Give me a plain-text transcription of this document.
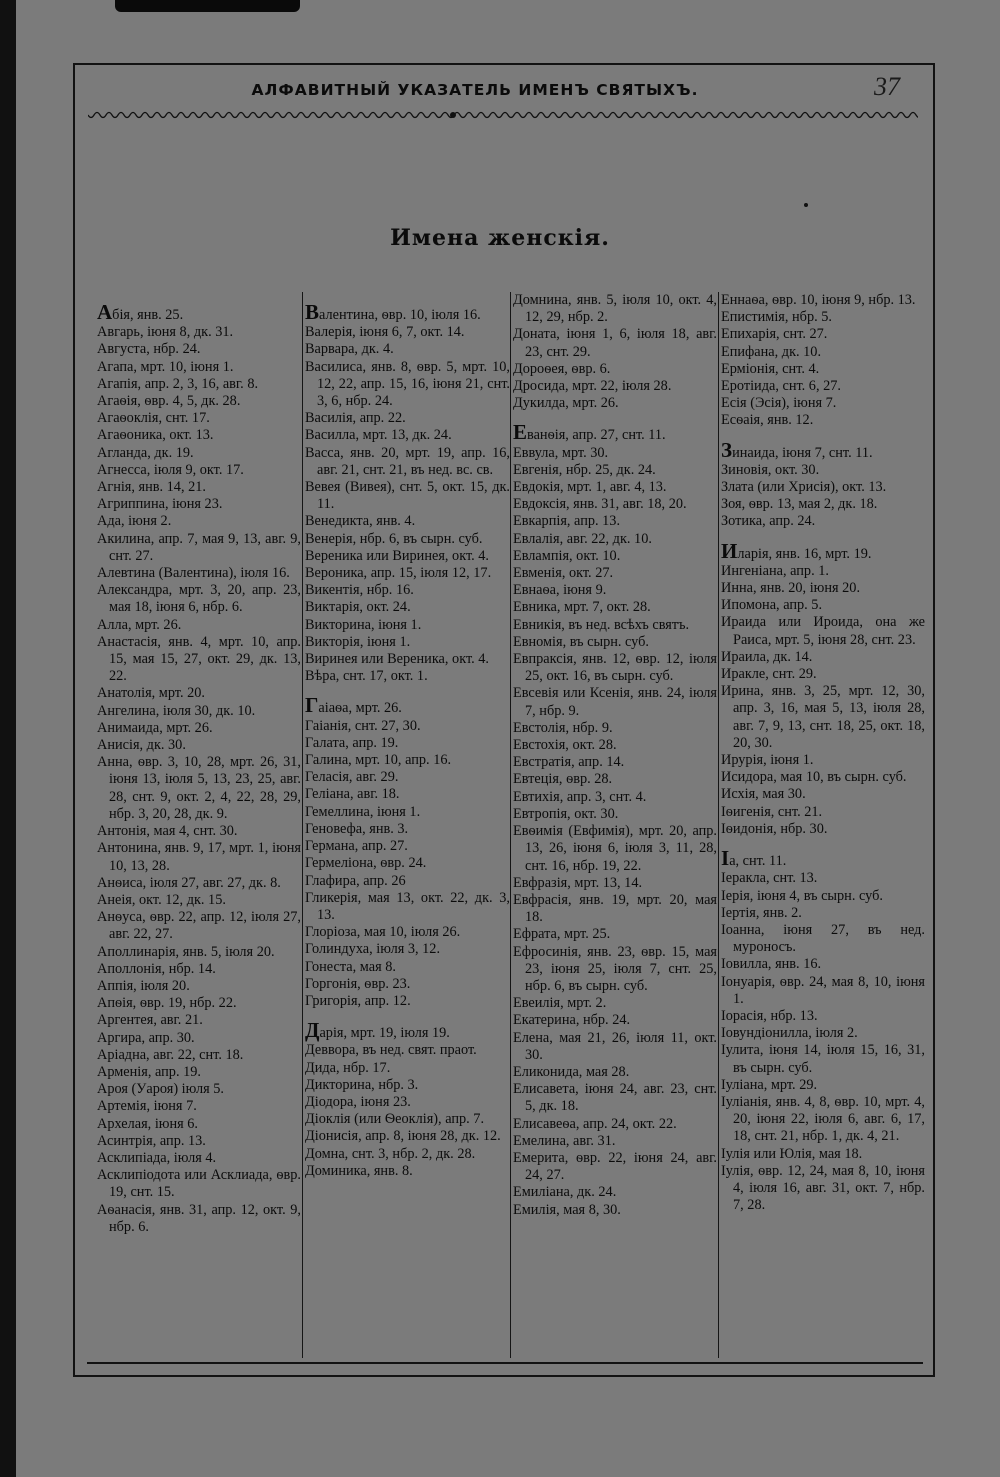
АЛФАВИТНЫЙ УКАЗАТЕЛЬ ИМЕНЪ СВЯТЫХЪ.	37
Имена женскія.
Абія, янв. 25.
Авгарь, іюня 8, дк. 31.
Августа, нбр. 24.
Агапа, мрт. 10, іюня 1.
Агапія, апр. 2, 3, 16, авг. 8.
Агаѳія, ѳвр. 4, 5, дк. 28.
Агаѳоклія, снт. 17.
Агаѳоника, окт. 13.
Агланда, дк. 19.
Агнесса, іюля 9, окт. 17.
Агнія, янв. 14, 21.
Агриппина, іюня 23.
Ада, іюня 2.
Акилина, апр. 7, мая 9, 13, авг. 9, снт. 27.
Алевтина (Валентина), іюля 16.
Александра, мрт. 3, 20, апр. 23, мая 18, іюня 6, нбр. 6.
Алла, мрт. 26.
Анастасія, янв. 4, мрт. 10, апр. 15, мая 15, 27, окт. 29, дк. 13, 22.
Анатолія, мрт. 20.
Ангелина, іюля 30, дк. 10.
Анимаида, мрт. 26.
Анисія, дк. 30.
Анна, ѳвр. 3, 10, 28, мрт. 26, 31, іюня 13, іюля 5, 13, 23, 25, авг. 28, снт. 9, окт. 2, 4, 22, 28, 29, нбр. 3, 20, 28, дк. 9.
Антонія, мая 4, снт. 30.
Антонина, янв. 9, 17, мрт. 1, іюня 10, 13, 28.
Анѳиса, іюля 27, авг. 27, дк. 8.
Анеія, окт. 12, дк. 15.
Анѳуса, ѳвр. 22, апр. 12, іюля 27, авг. 22, 27.
Аполлинарія, янв. 5, іюля 20.
Аполлонія, нбр. 14.
Аппія, іюля 20.
Апѳія, ѳвр. 19, нбр. 22.
Аргентея, авг. 21.
Аргира, апр. 30.
Аріадна, авг. 22, снт. 18.
Арменія, апр. 19.
Ароя (Уароя) іюля 5.
Артемія, іюня 7.
Архелая, іюня 6.
Асинтрія, апр. 13.
Асклипіада, іюля 4.
Асклипіодота или Асклиада, ѳвр. 19, снт. 15.
Аѳанасія, янв. 31, апр. 12, окт. 9, нбр. 6.
Валентина, ѳвр. 10, іюля 16.
Валерія, іюня 6, 7, окт. 14.
Варвара, дк. 4.
Василиса, янв. 8, ѳвр. 5, мрт. 10, 12, 22, апр. 15, 16, іюня 21, снт. 3, 6, нбр. 24.
Василія, апр. 22.
Василла, мрт. 13, дк. 24.
Васса, янв. 20, мрт. 19, апр. 16, авг. 21, снт. 21, въ нед. вс. св.
Вевея (Вивея), снт. 5, окт. 15, дк. 11.
Венедикта, янв. 4.
Венерія, нбр. 6, въ сырн. суб.
Вереника или Виринея, окт. 4.
Вероника, апр. 15, іюля 12, 17.
Викентія, нбр. 16.
Виктарія, окт. 24.
Викторина, іюня 1.
Викторія, іюня 1.
Виринея или Вереника, окт. 4.
Вѣра, снт. 17, окт. 1.
Гаіаѳа, мрт. 26.
Гаіанія, снт. 27, 30.
Галата, апр. 19.
Галина, мрт. 10, апр. 16.
Геласія, авг. 29.
Геліана, авг. 18.
Гемеллина, іюня 1.
Геновефа, янв. 3.
Германа, апр. 27.
Гермеліона, ѳвр. 24.
Глафира, апр. 26
Гликерія, мая 13, окт. 22, дк. 3, 13.
Глоріоза, мая 10, іюля 26.
Голиндуха, іюля 3, 12.
Гонеста, мая 8.
Горгонія, ѳвр. 23.
Григорія, апр. 12.
Дарія, мрт. 19, іюля 19.
Деввора, въ нед. свят. праот.
Дида, нбр. 17.
Дикторина, нбр. 3.
Діодора, іюня 23.
Діоклія (или Ѳеоклія), апр. 7.
Діонисія, апр. 8, іюня 28, дк. 12.
Домна, снт. 3, нбр. 2, дк. 28.
Доминика, янв. 8.
Домнина, янв. 5, іюля 10, окт. 4, 12, 29, нбр. 2.
Доната, іюня 1, 6, іюля 18, авг. 23, снт. 29.
Дороѳея, ѳвр. 6.
Дросида, мрт. 22, іюля 28.
Дукилда, мрт. 26.
Еванѳія, апр. 27, снт. 11.
Еввула, мрт. 30.
Евгенія, нбр. 25, дк. 24.
Евдокія, мрт. 1, авг. 4, 13.
Евдоксія, янв. 31, авг. 18, 20.
Евкарпія, апр. 13.
Евлалія, авг. 22, дк. 10.
Евлампія, окт. 10.
Евменія, окт. 27.
Евнаѳа, іюня 9.
Евника, мрт. 7, окт. 28.
Евникія, въ нед. всѣхъ святъ.
Евномія, въ сырн. суб.
Евпраксія, янв. 12, ѳвр. 12, іюля 25, окт. 16, въ сырн. суб.
Евсевія или Ксенія, янв. 24, іюля 7, нбр. 9.
Евстолія, нбр. 9.
Евстохія, окт. 28.
Евстратія, апр. 14.
Евтеція, ѳвр. 28.
Евтихія, апр. 3, снт. 4.
Евтропія, окт. 30.
Евѳимія (Евфимія), мрт. 20, апр. 13, 26, іюня 6, іюля 3, 11, 28, снт. 16, нбр. 19, 22.
Евфразія, мрт. 13, 14.
Евфрасія, янв. 19, мрт. 20, мая 18.
Ефрата, мрт. 25.
Ефросинія, янв. 23, ѳвр. 15, мая 23, іюня 25, іюля 7, снт. 25, нбр. 6, въ сырн. суб.
Евеилія, мрт. 2.
Екатерина, нбр. 24.
Елена, мая 21, 26, іюля 11, окт. 30.
Еликонида, мая 28.
Елисавета, іюня 24, авг. 23, снт. 5, дк. 18.
Елисавеѳа, апр. 24, окт. 22.
Емелина, авг. 31.
Емерита, ѳвр. 22, іюня 24, авг. 24, 27.
Емиліана, дк. 24.
Емилія, мая 8, 30.
Еннаѳа, ѳвр. 10, іюня 9, нбр. 13.
Епистимія, нбр. 5.
Епихарія, снт. 27.
Епифана, дк. 10.
Ерміонія, снт. 4.
Еротіида, снт. 6, 27.
Есія (Эсія), іюня 7.
Есѳаія, янв. 12.
Зинаида, іюня 7, снт. 11.
Зиновія, окт. 30.
Злата (или Хрисія), окт. 13.
Зоя, ѳвр. 13, мая 2, дк. 18.
Зотика, апр. 24.
Иларія, янв. 16, мрт. 19.
Ингеніана, апр. 1.
Инна, янв. 20, іюня 20.
Ипомона, апр. 5.
Ираида или Ироида, она же Раиса, мрт. 5, іюня 28, снт. 23.
Ираила, дк. 14.
Иракле, снт. 29.
Ирина, янв. 3, 25, мрт. 12, 30, апр. 3, 16, мая 5, 13, іюля 28, авг. 7, 9, 13, снт. 18, 25, окт. 18, 20, 30.
Ирурія, іюня 1.
Исидора, мая 10, въ сырн. суб.
Исхія, мая 30.
Іѳигенія, снт. 21.
Іѳидонія, нбр. 30.
Іа, снт. 11.
Іеракла, снт. 13.
Іерія, іюня 4, въ сырн. суб.
Іертія, янв. 2.
Іоанна, іюня 27, въ нед. муроносъ.
Іовилла, янв. 16.
Іонуарія, ѳвр. 24, мая 8, 10, іюня 1.
Іорасія, нбр. 13.
Іовундіонилла, іюля 2.
Іулита, іюня 14, іюля 15, 16, 31, въ сырн. суб.
Іуліана, мрт. 29.
Іуліанія, янв. 4, 8, ѳвр. 10, мрт. 4, 20, іюня 22, іюля 6, авг. 6, 17, 18, снт. 21, нбр. 1, дк. 4, 21.
Іулія или Юлія, мая 18.
Іулія, ѳвр. 12, 24, мая 8, 10, іюня 4, іюля 16, авг. 31, окт. 7, нбр. 7, 28.
